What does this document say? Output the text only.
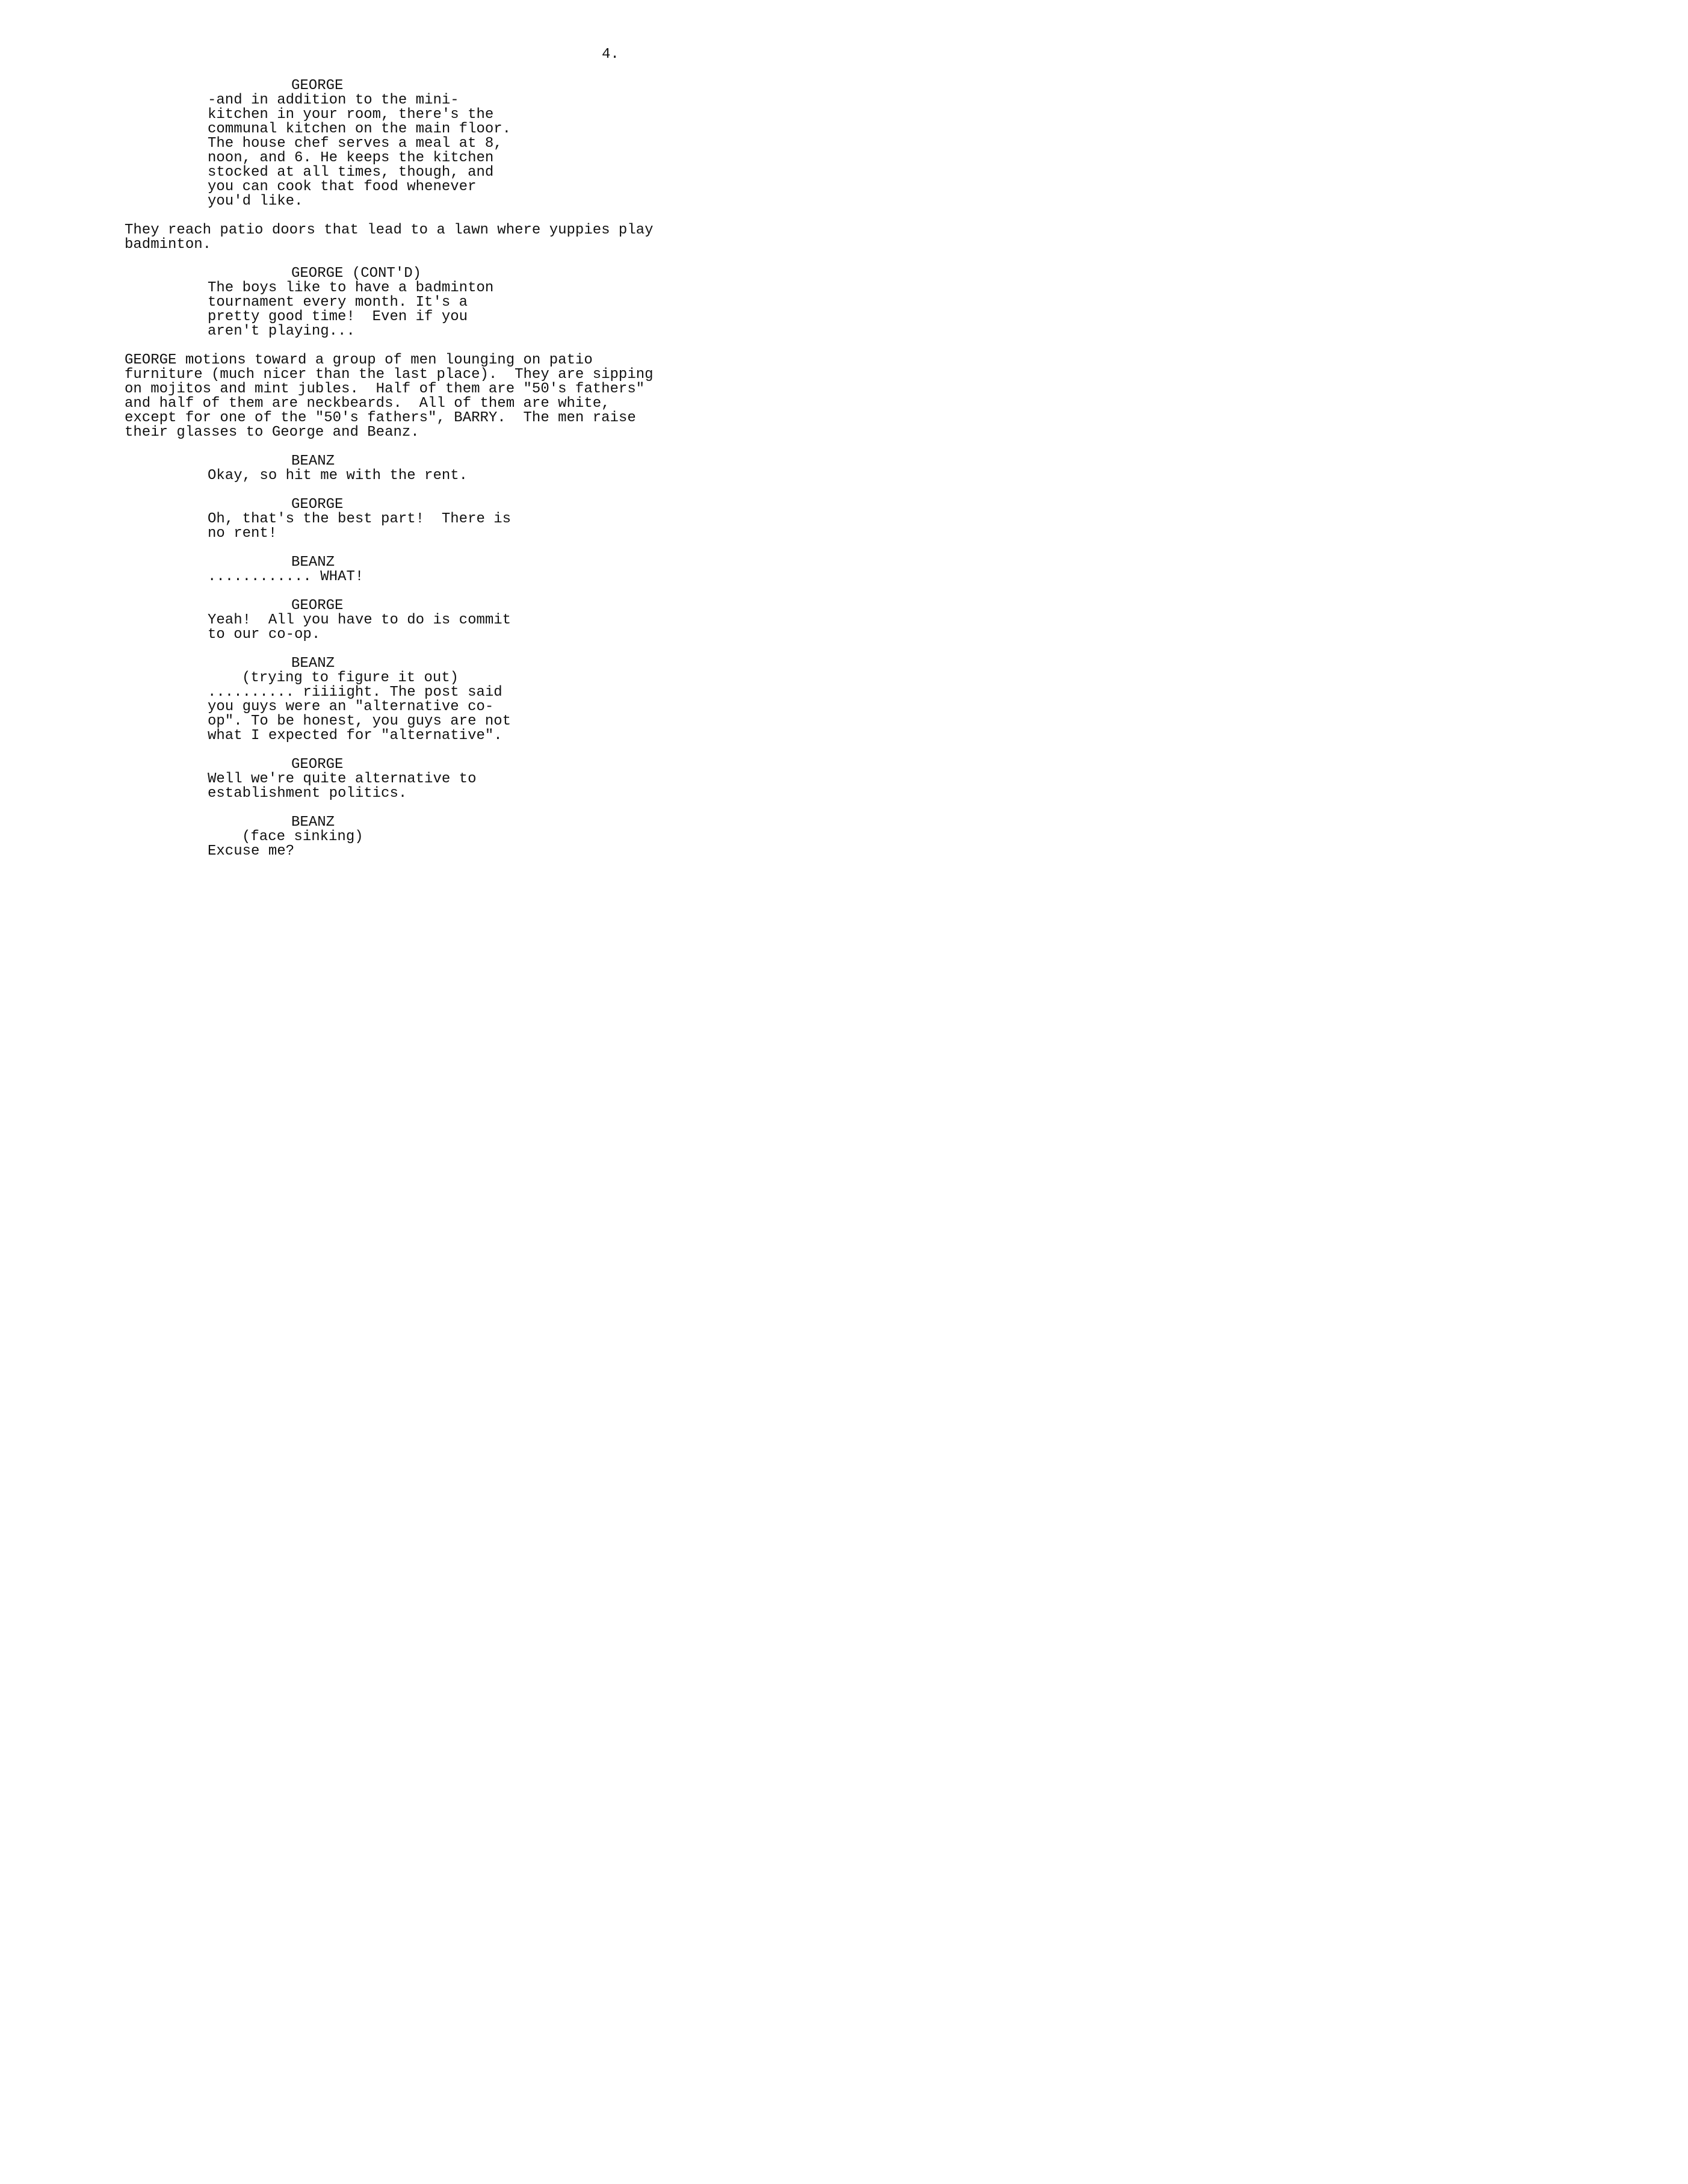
4.
GEORGE
-and in addition to the mini-
kitchen in your room, there's the
communal kitchen on the main floor.
The house chef serves a meal at 8,
noon, and 6. He keeps the kitchen
stocked at all times, though, and
you can cook that food whenever
you'd like.
They reach patio doors that lead to a lawn where yuppies play
badminton.
GEORGE (CONT'D)
The boys like to have a badminton
tournament every month. It's a
pretty good time!  Even if you
aren't playing...
GEORGE motions toward a group of men lounging on patio
furniture (much nicer than the last place).  They are sipping
on mojitos and mint jubles.  Half of them are "50's fathers"
and half of them are neckbeards.  All of them are white,
except for one of the "50's fathers", BARRY.  The men raise
their glasses to George and Beanz.
BEANZ
Okay, so hit me with the rent.
GEORGE
Oh, that's the best part!  There is
no rent!
BEANZ
............ WHAT!
GEORGE
Yeah!  All you have to do is commit
to our co-op.
BEANZ
(trying to figure it out)
.......... riiiight. The post said
you guys were an "alternative co-
op". To be honest, you guys are not
what I expected for "alternative".
GEORGE
Well we're quite alternative to
establishment politics.
BEANZ
(face sinking)
Excuse me?
